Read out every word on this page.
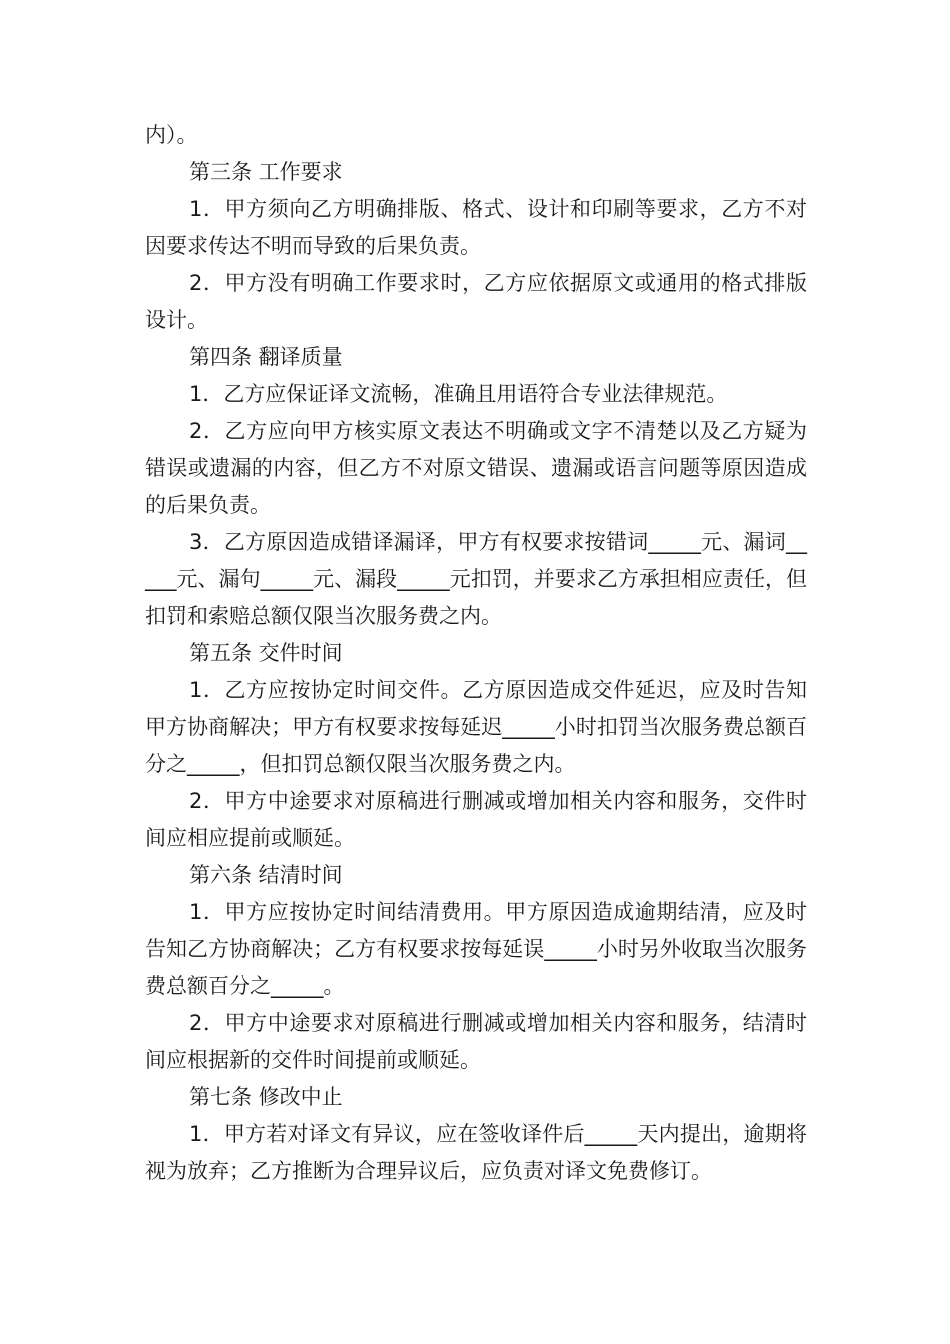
内）。

第三条 工作要求

1．甲方须向乙方明确排版、格式、设计和印刷等要求，乙方不对因要求传达不明而导致的后果负责。

2．甲方没有明确工作要求时，乙方应依据原文或通用的格式排版设计。

第四条 翻译质量

1．乙方应保证译文流畅，准确且用语符合专业法律规范。

2．乙方应向甲方核实原文表达不明确或文字不清楚以及乙方疑为错误或遗漏的内容，但乙方不对原文错误、遗漏或语言问题等原因造成的后果负责。

3．乙方原因造成错译漏译，甲方有权要求按错词_____元、漏词_____元、漏句_____元、漏段_____元扣罚，并要求乙方承担相应责任，但扣罚和索赔总额仅限当次服务费之内。

第五条 交件时间

1．乙方应按协定时间交件。乙方原因造成交件延迟，应及时告知甲方协商解决；甲方有权要求按每延迟_____小时扣罚当次服务费总额百分之_____，但扣罚总额仅限当次服务费之内。

2．甲方中途要求对原稿进行删减或增加相关内容和服务，交件时间应相应提前或顺延。

第六条 结清时间

1．甲方应按协定时间结清费用。甲方原因造成逾期结清，应及时告知乙方协商解决；乙方有权要求按每延误_____小时另外收取当次服务费总额百分之_____。

2．甲方中途要求对原稿进行删减或增加相关内容和服务，结清时间应根据新的交件时间提前或顺延。

第七条 修改中止

1．甲方若对译文有异议，应在签收译件后_____天内提出，逾期将视为放弃；乙方推断为合理异议后，应负责对译文免费修订。
